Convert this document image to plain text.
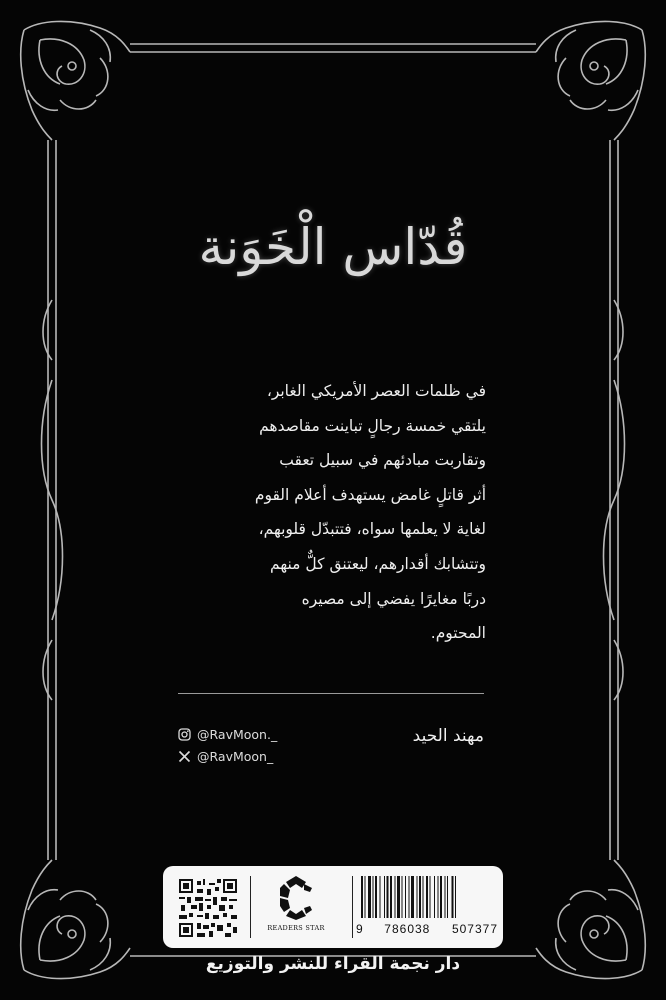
قُدّاس الْخَوَنة

في ظلمات العصر الأمريكي الغابر،

يلتقي خمسة رجالٍ تباينت مقاصدهم

وتقاربت مبادئهم في سبيل تعقب

أثر قاتلٍ غامض يستهدف أعلام القوم

لغاية لا يعلمها سواه، فتتبدّل قلوبهم،

وتتشابك أقدارهم، ليعتنق كلٌّ منهم

دربًا مغايرًا يفضي إلى مصيره

المحتوم.

مهند الحيد
@RavMoon._
@RavMoon_
READERS STAR	9 786038 507377
دار نجمة القراء للنشر والتوزيع
